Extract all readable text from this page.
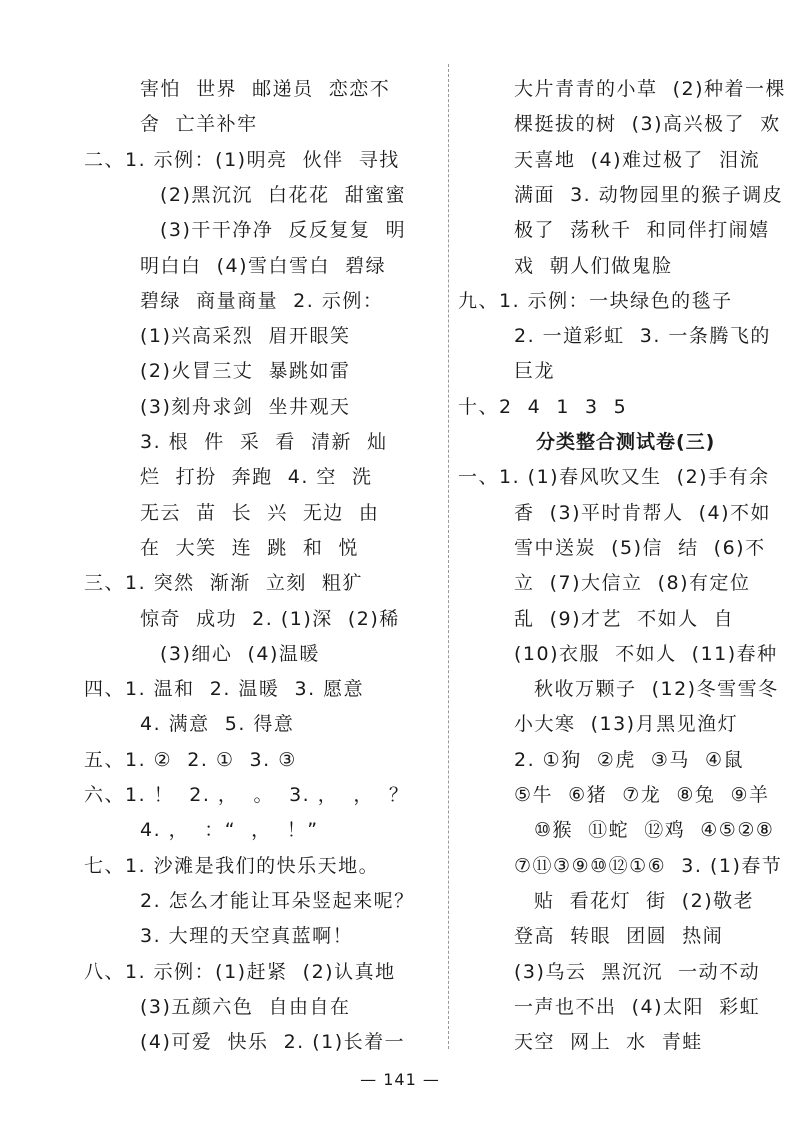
害怕  世界  邮递员  恋恋不
舍  亡羊补牢
二、1. 示例：(1)明亮  伙伴  寻找
(2)黑沉沉  白花花  甜蜜蜜
(3)干干净净  反反复复  明
明白白  (4)雪白雪白  碧绿
碧绿  商量商量  2. 示例：
(1)兴高采烈  眉开眼笑
(2)火冒三丈  暴跳如雷
(3)刻舟求剑  坐井观天
3. 根  件  采  看  清新  灿
烂  打扮  奔跑  4. 空  洗
无云  苗  长  兴  无边  由
在  大笑  连  跳  和  悦
三、1. 突然  渐渐  立刻  粗犷
惊奇  成功  2. (1)深  (2)稀
(3)细心  (4)温暖
四、1. 温和  2. 温暖  3. 愿意
4. 满意  5. 得意
五、1. ②  2. ①  3. ③
六、1. ！  2. ，  。  3. ，  ，  ？
4. ，  ：“  ，  ！”
七、1. 沙滩是我们的快乐天地。
2. 怎么才能让耳朵竖起来呢？
3. 大理的天空真蓝啊！
八、1. 示例：(1)赶紧  (2)认真地
(3)五颜六色  自由自在
(4)可爱  快乐  2. (1)长着一
大片青青的小草  (2)种着一棵
棵挺拔的树  (3)高兴极了  欢
天喜地  (4)难过极了  泪流
满面  3. 动物园里的猴子调皮
极了  荡秋千  和同伴打闹嬉
戏  朝人们做鬼脸
九、1. 示例：一块绿色的毯子
2. 一道彩虹  3. 一条腾飞的
巨龙
十、2  4  1  3  5
分类整合测试卷(三)
一、1. (1)春风吹又生  (2)手有余
香  (3)平时肯帮人  (4)不如
雪中送炭  (5)信  结  (6)不
立  (7)大信立  (8)有定位
乱  (9)才艺  不如人  自
(10)衣服  不如人  (11)春种
秋收万颗子  (12)冬雪雪冬
小大寒  (13)月黑见渔灯
2. ①狗  ②虎  ③马  ④鼠
⑤牛  ⑥猪  ⑦龙  ⑧兔  ⑨羊
⑩猴  ⑪蛇  ⑫鸡  ④⑤②⑧
⑦⑪③⑨⑩⑫①⑥  3. (1)春节
贴  看花灯  街  (2)敬老
登高  转眼  团圆  热闹
(3)乌云  黑沉沉  一动不动
一声也不出  (4)太阳  彩虹
天空  网上  水  青蛙
— 141 —
